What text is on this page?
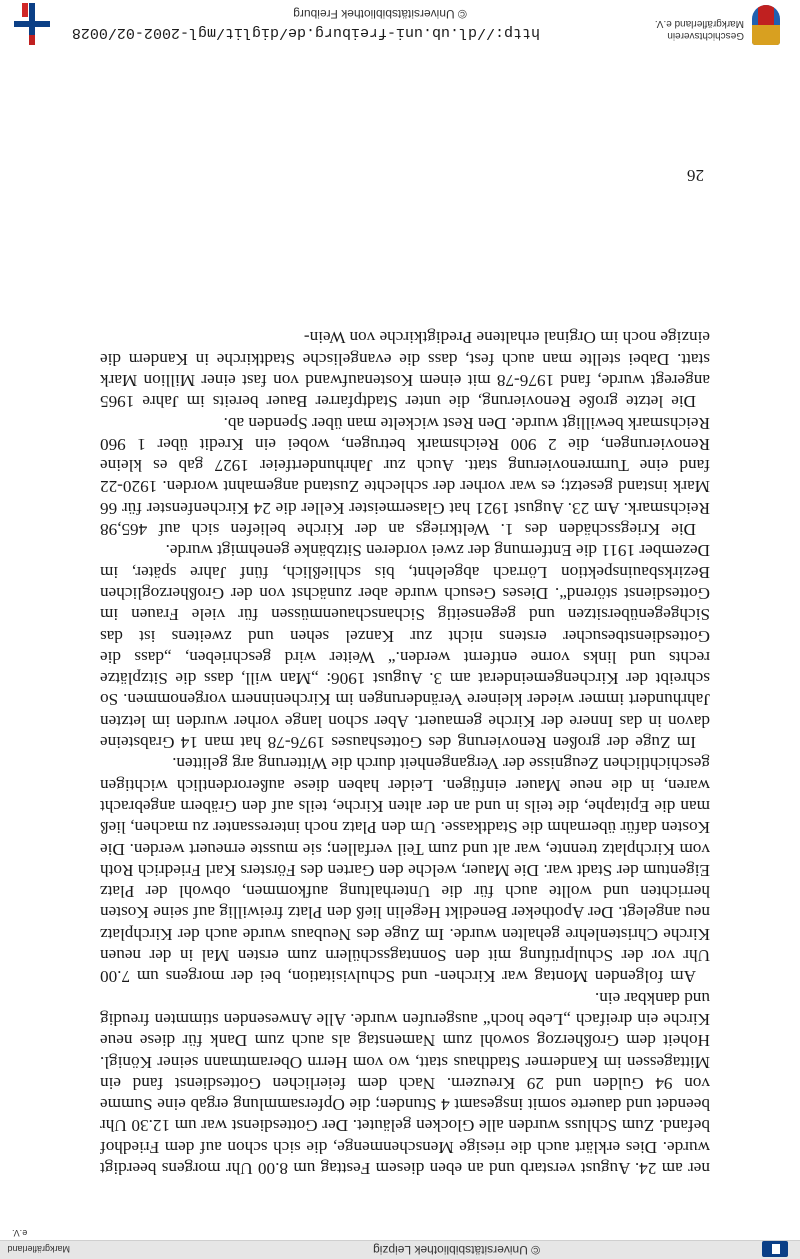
© Universitätsbibliothek Leipzig
Markgräflerland e.V.

ner am 24. August verstarb und an eben diesem Festtag um 8.00 Uhr morgens beerdigt wurde. Dies erklärt auch die riesige Menschenmenge, die sich schon auf dem Friedhof befand. Zum Schluss wurden alle Glocken geläutet. Der Gottesdienst war um 12.30 Uhr beendet und dauerte somit insgesamt 4 Stunden; die Opfersammlung ergab eine Summe von 94 Gulden und 29 Kreuzern. Nach dem feierlichen Gottesdienst fand ein Mittagessen im Kanderner Stadthaus statt, wo vom Herrn Oberamtmann seiner Königl. Hoheit dem Großherzog sowohl zum Namenstag als auch zum Dank für diese neue Kirche ein dreifach „Lebe hoch“ ausgerufen wurde. Alle Anwesenden stimmten freudig und dankbar ein.

Am folgenden Montag war Kirchen- und Schulvisitation, bei der morgens um 7.00 Uhr vor der Schulprüfung mit den Sonntagsschülern zum ersten Mal in der neuen Kirche Christenlehre gehalten wurde. Im Zuge des Neubaus wurde auch der Kirchplatz neu angelegt. Der Apotheker Benedikt Hegelin ließ den Platz freiwillig auf seine Kosten herrichten und wollte auch für die Unterhaltung aufkommen, obwohl der Platz Eigentum der Stadt war. Die Mauer, welche den Garten des Försters Karl Friedrich Roth vom Kirchplatz trennte, war alt und zum Teil verfallen; sie musste erneuert werden. Die Kosten dafür übernahm die Stadtkasse. Um den Platz noch interessanter zu machen, ließ man die Epitaphe, die teils in und an der alten Kirche, teils auf den Gräbern angebracht waren, in die neue Mauer einfügen. Leider haben diese außerordentlich wichtigen geschichtlichen Zeugnisse der Vergangenheit durch die Witterung arg gelitten.

Im Zuge der großen Renovierung des Gotteshauses 1976-78 hat man 14 Grabsteine davon in das Innere der Kirche gemauert. Aber schon lange vorher wurden im letzten Jahrhundert immer wieder kleinere Veränderungen im Kircheninnern vorgenommen. So schreibt der Kirchengemeinderat am 3. August 1906: „Man will, dass die Sitzplätze rechts und links vorne entfernt werden.“ Weiter wird geschrieben, „dass die Gottesdienstbesucher erstens nicht zur Kanzel sehen und zweitens ist das Sichgegenübersitzen und gegenseitig Sichanschauenmüssen für viele Frauen im Gottesdienst störend“. Dieses Gesuch wurde aber zunächst von der Großherzoglichen Bezirksbauinspektion Lörrach abgelehnt, bis schließlich, fünf Jahre später, im Dezember 1911 die Entfernung der zwei vorderen Sitzbänke genehmigt wurde.

Die Kriegsschäden des 1. Weltkriegs an der Kirche beliefen sich auf 465,98 Reichsmark. Am 23. August 1921 hat Glasermeister Keller die 24 Kirchenfenster für 66 Mark instand gesetzt; es war vorher der schlechte Zustand angemahnt worden. 1920-22 fand eine Turmrenovierung statt. Auch zur Jahrhundertfeier 1927 gab es kleine Renovierungen, die 2 900 Reichsmark betrugen, wobei ein Kredit über 1 960 Reichsmark bewilligt wurde. Den Rest wickelte man über Spenden ab.

Die letzte große Renovierung, die unter Stadtpfarrer Bauer bereits im Jahre 1965 angeregt wurde, fand 1976-78 mit einem Kostenaufwand von fast einer Million Mark statt. Dabei stellte man auch fest, dass die evangelische Stadtkirche in Kandern die einzige noch im Orginal erhaltene Predigtkirche von Wein-

26
Geschichtsverein Markgräflerland e.V.
http://dl.ub.uni-freiburg.de/diglit/mgl-2002-02/0028
© Universitätsbibliothek Freiburg
